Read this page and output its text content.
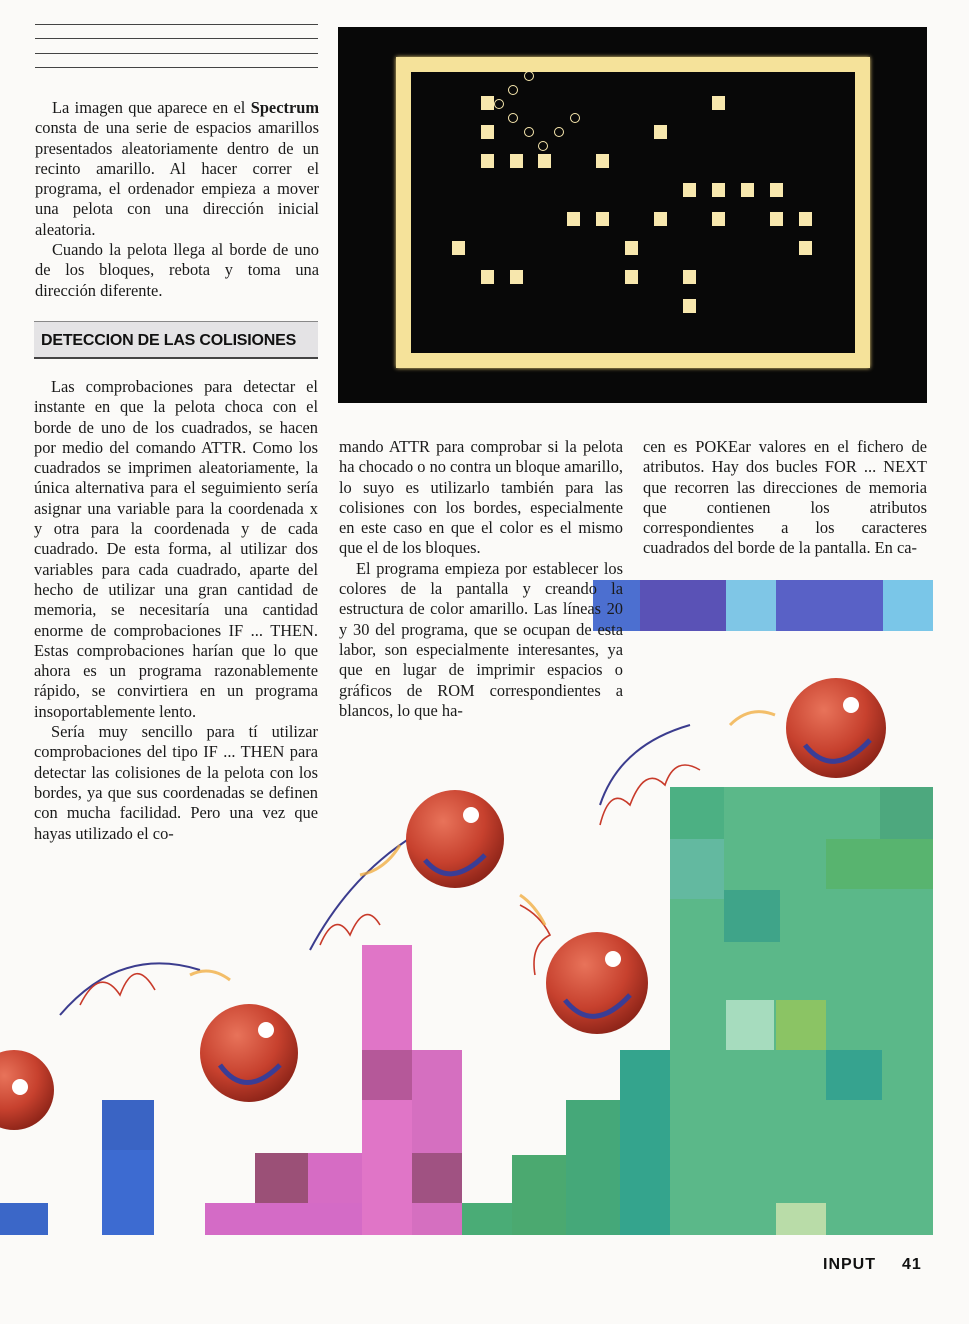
La imagen que aparece en el Spectrum consta de una serie de espacios amarillos presentados aleatoriamente dentro de un recinto amarillo. Al hacer correr el programa, el ordenador empieza a mover una pelota con una dirección inicial aleatoria.

Cuando la pelota llega al borde de uno de los bloques, rebota y toma una dirección diferente.

DETECCION DE LAS COLISIONES

Las comprobaciones para detectar el instante en que la pelota choca con el borde de uno de los cuadrados, se hacen por medio del comando ATTR. Como los cuadrados se imprimen aleatoriamente, la única alternativa para el seguimiento sería asignar una variable para la coordenada x y otra para la coordenada y de cada cuadrado. De esta forma, al utilizar dos variables para cada cuadrado, aparte del hecho de utilizar una gran cantidad de memoria, se necesitaría una cantidad enorme de comprobaciones IF ... THEN. Estas comprobaciones harían que lo que ahora es un programa razonablemente rápido, se convirtiera en un programa insoportablemente lento.

Sería muy sencillo para tí utilizar comprobaciones del tipo IF ... THEN para detectar las colisiones de la pelota con los bordes, ya que sus coordenadas se definen con mucha facilidad. Pero una vez que hayas utilizado el co-

mando ATTR para comprobar si la pelota ha chocado o no contra un bloque amarillo, lo suyo es utilizarlo también para las colisiones con los bordes, especialmente en este caso en que el color es el mismo que el de los bloques.

El programa empieza por establecer los colores de la pantalla y creando la estructura de color amarillo. Las líneas 20 y 30 del programa, que se ocupan de esta labor, son especialmente interesantes, ya que en lugar de imprimir espacios o gráficos de ROM correspondientes a blancos, lo que ha-

cen es POKEar valores en el fichero de atributos. Hay dos bucles FOR ... NEXT que recorren las direcciones de memoria que contienen los atributos correspondientes a los caracteres cuadrados del borde de la pantalla. En ca-

INPUT 41
